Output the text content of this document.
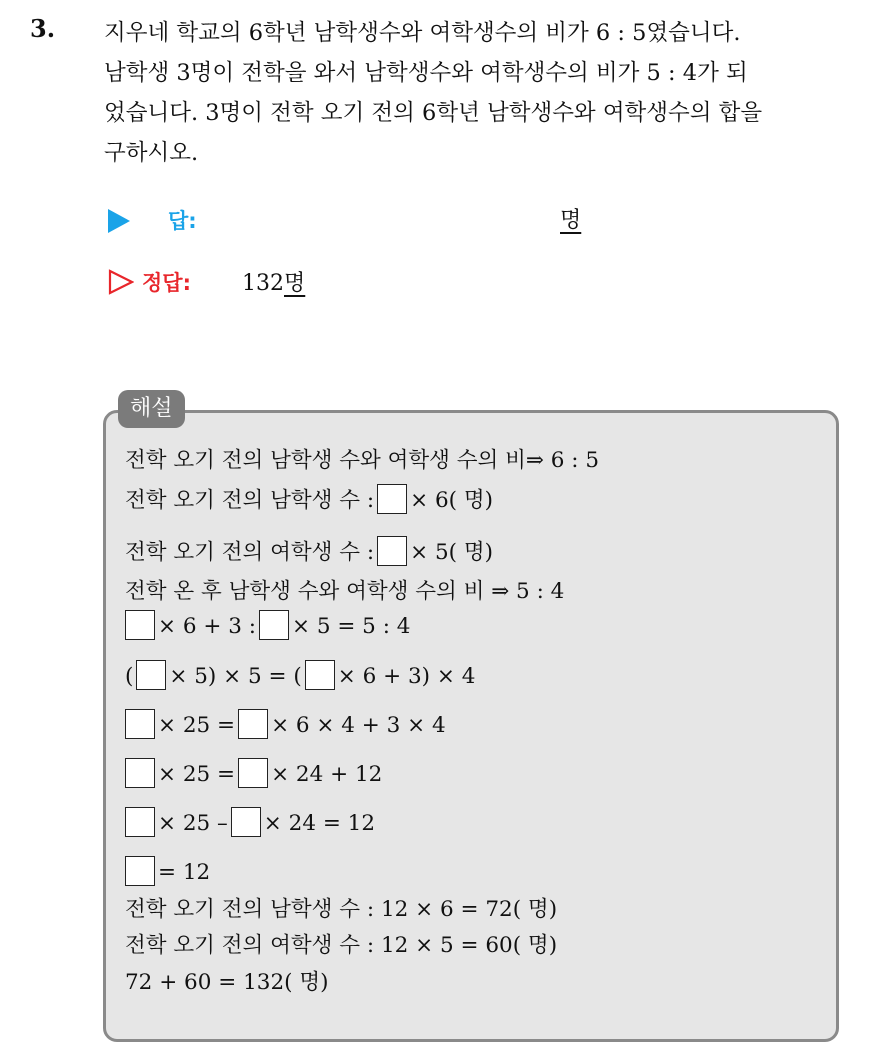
3. 지우네 학교의 6학년 남학생수와 여학생수의 비가 6 : 5였습니다.
남학생 3명이 전학을 와서 남학생수와 여학생수의 비가 5 : 4가 되
었습니다. 3명이 전학 오기 전의 6학년 남학생수와 여학생수의 합을
구하시오.
답:	명
정답: 132명
해설
전학 오기 전의 남학생 수와 여학생 수의 비⇒ 6 : 5
전학 오기 전의 남학생 수 : × 6( 명)
전학 오기 전의 여학생 수 : × 5( 명)
전학 온 후 남학생 수와 여학생 수의 비 ⇒ 5 : 4
× 6 + 3 : × 5 = 5 : 4
( × 5) × 5 = ( × 6 + 3) × 4
× 25 = × 6 × 4 + 3 × 4
× 25 = × 24 + 12
× 25 – × 24 = 12
= 12
전학 오기 전의 남학생 수 : 12 × 6 = 72( 명)
전학 오기 전의 여학생 수 : 12 × 5 = 60( 명)
72 + 60 = 132( 명)
